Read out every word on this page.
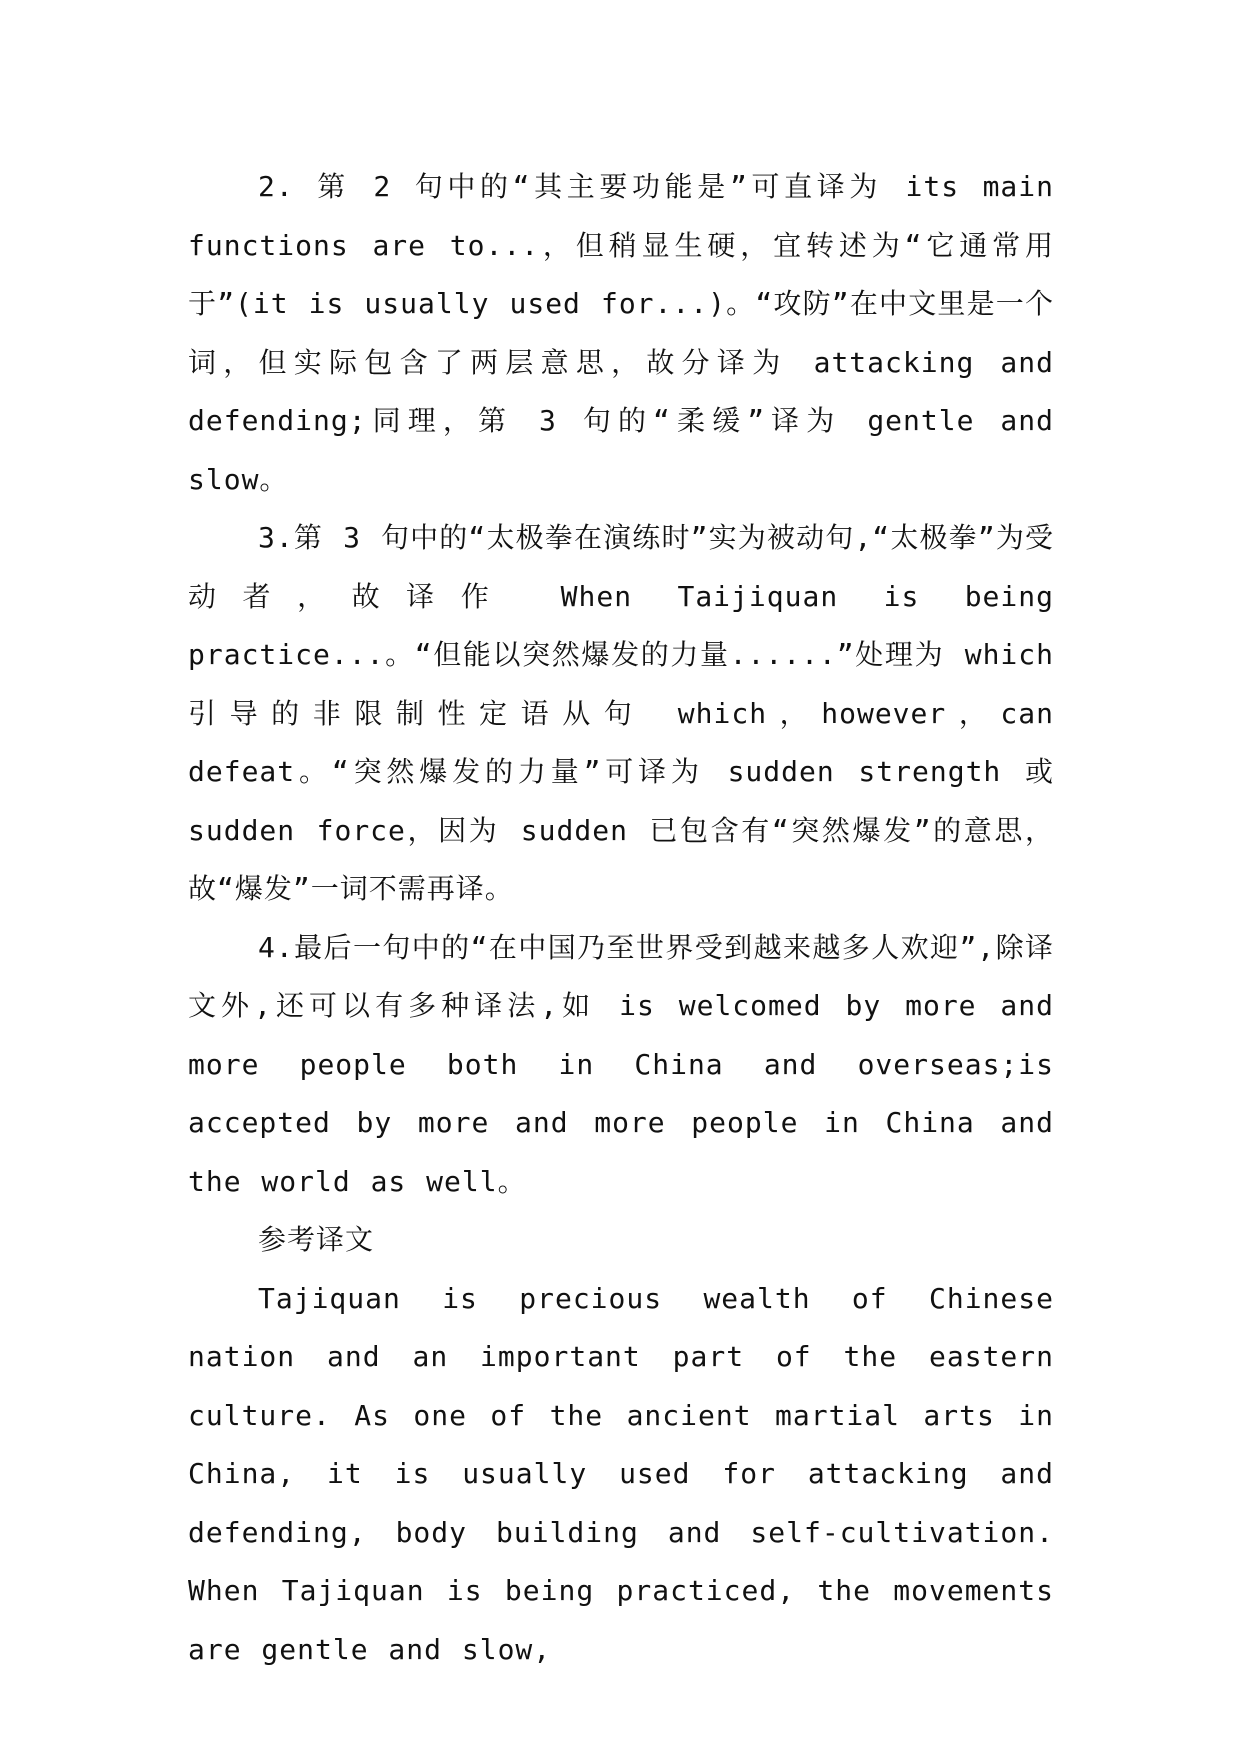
2. 第 2 句中的“其主要功能是”可直译为 its main functions are to...，但稍显生硬，宜转述为“它通常用于”(it is usually used for...)。“攻防”在中文里是一个词，但实际包含了两层意思，故分译为 attacking and defending;同理，第 3 句的“柔缓”译为 gentle and slow。

3.第 3 句中的“太极拳在演练时”实为被动句,“太极拳”为受动者，故译作 When Taijiquan is being practice...。“但能以突然爆发的力量......”处理为 which 引导的非限制性定语从句 which，however，can defeat。“突然爆发的力量”可译为 sudden strength 或 sudden force，因为 sudden 已包含有“突然爆发”的意思，故“爆发”一词不需再译。

4.最后一句中的“在中国乃至世界受到越来越多人欢迎”,除译文外,还可以有多种译法,如 is welcomed by more and more people both in China and overseas;is accepted by more and more people in China and the world as well。

参考译文

Tajiquan is precious wealth of Chinese nation and an important part of the eastern culture. As one of the ancient martial arts in China, it is usually used for attacking and defending, body building and self-cultivation. When Tajiquan is being practiced, the movements are gentle and slow,
